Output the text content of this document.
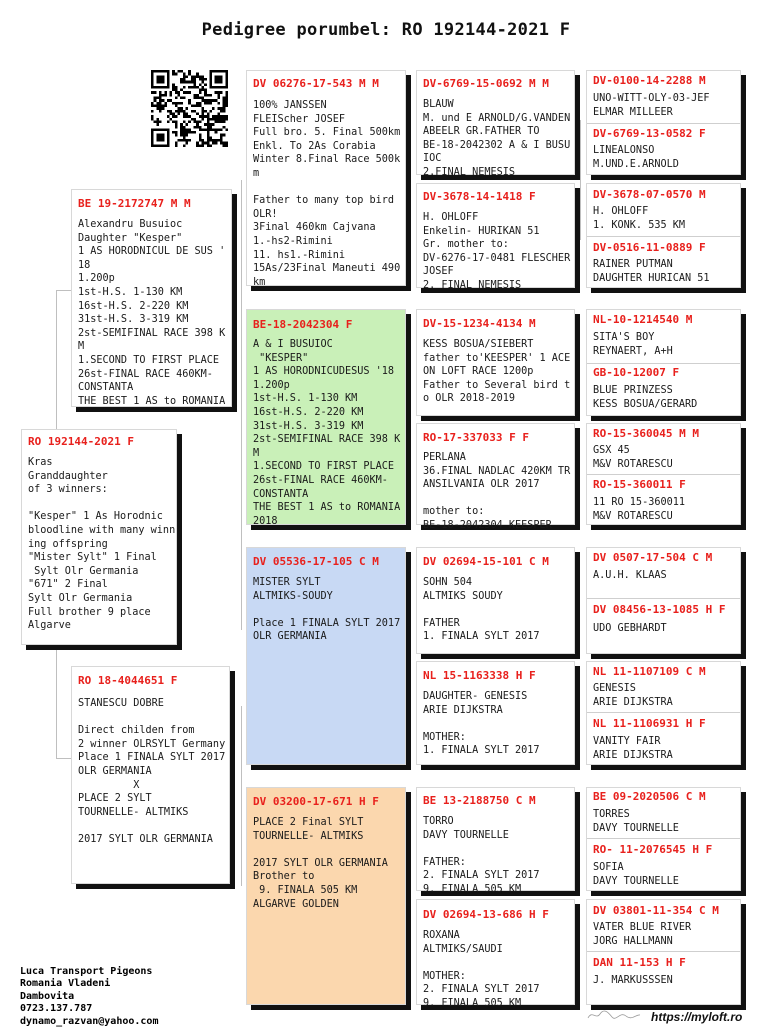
Pedigree porumbel: RO 192144-2021 F
RO 192144-2021 F
Kras
Granddaughter
of 3 winners:

"Kesper" 1 As Horodnic
bloodline with many winn
ing offspring
"Mister Sylt" 1 Final
Sylt Olr Germania
"671" 2 Final
Sylt Olr Germania
Full brother 9 place
Algarve
BE 19-2172747 M M
Alexandru Busuioc
Daughter "Kesper"
1 AS HORODNICUL DE SUS '
18
1.200p
1st-H.S. 1-130 KM
16st-H.S. 2-220 KM
31st-H.S. 3-319 KM
2st-SEMIFINAL RACE 398 K
M
1.SECOND TO FIRST PLACE
26st-FINAL RACE 460KM-
CONSTANTA
THE BEST 1 AS to ROMANIA
RO 18-4044651 F
STANESCU DOBRE

Direct childen from
2 winner OLRSYLT Germany
Place 1 FINALA SYLT 2017
OLR GERMANIA
X
PLACE 2 SYLT
TOURNELLE- ALTMIKS

2017 SYLT OLR GERMANIA
DV 06276-17-543 M M
100% JANSSEN
FLEIScher JOSEF
Full bro. 5. Final 500km
Enkl. To 2As Corabia
Winter 8.Final Race 500k
m

Father to many top bird
OLR!
3Final 460km Cajvana
1.-hs2-Rimini
11. hs1.-Rimini
15As/23Final Maneuti 490
km
BE-18-2042304 F
A & I BUSUIOC
"KESPER"
1 AS HORODNICUDESUS '18
1.200p
1st-H.S. 1-130 KM
16st-H.S. 2-220 KM
31st-H.S. 3-319 KM
2st-SEMIFINAL RACE 398 K
M
1.SECOND TO FIRST PLACE
26st-FINAL RACE 460KM-
CONSTANTA
THE BEST 1 AS to ROMANIA
2018
DV 05536-17-105 C M
MISTER SYLT
ALTMIKS-SOUDY

Place 1 FINALA SYLT 2017
OLR GERMANIA
DV 03200-17-671 H F
PLACE 2 Final SYLT
TOURNELLE- ALTMIKS

2017 SYLT OLR GERMANIA
Brother to
9. FINALA 505 KM
ALGARVE GOLDEN
DV-6769-15-0692 M M
BLAUW
M. und E ARNOLD/G.VANDEN
ABEELR GR.FATHER TO
BE-18-2042302 A & I BUSU
IOC
2.FINAL NEMESIS
DV-3678-14-1418 F
H. OHLOFF
Enkelin- HURIKAN 51
Gr. mother to:
DV-6276-17-0481 FLESCHER
JOSEF
2. FINAL NEMESIS
DV-15-1234-4134 M
KESS BOSUA/SIEBERT
father to'KEESPER' 1 ACE
ON LOFT RACE 1200p
Father to Several bird t
o OLR 2018-2019
RO-17-337033 F F
PERLANA
36.FINAL NADLAC 420KM TR
ANSILVANIA OLR 2017

mother to:
BE-18-2042304 KEESPER
DV 02694-15-101 C M
SOHN 504
ALTMIKS SOUDY

FATHER
1. FINALA SYLT 2017
NL 15-1163338 H F
DAUGHTER- GENESIS
ARIE DIJKSTRA

MOTHER:
1. FINALA SYLT 2017
BE 13-2188750 C M
TORRO
DAVY TOURNELLE

FATHER:
2. FINALA SYLT 2017
9. FINALA 505 KM
DV 02694-13-686 H F
ROXANA
ALTMIKS/SAUDI

MOTHER:
2. FINALA SYLT 2017
9. FINALA 505 KM
DV-0100-14-2288 M
UNO-WITT-OLY-03-JEF
ELMAR MILLEER
DV-6769-13-0582 F
LINEALONSO
M.UND.E.ARNOLD
DV-3678-07-0570 M
H. OHLOFF
1. KONK. 535 KM
DV-0516-11-0889 F
RAINER PUTMAN
DAUGHTER HURICAN 51
NL-10-1214540 M
SITA'S BOY
REYNAERT, A+H
GB-10-12007 F
BLUE PRINZESS
KESS BOSUA/GERARD
RO-15-360045 M M
GSX 45
M&V ROTARESCU
RO-15-360011 F
11 RO 15-360011
M&V ROTARESCU
DV 0507-17-504 C M
A.U.H. KLAAS
DV 08456-13-1085 H F
UDO GEBHARDT
NL 11-1107109 C M
GENESIS
ARIE DIJKSTRA
NL 11-1106931 H F
VANITY FAIR
ARIE DIJKSTRA
BE 09-2020506 C M
TORRES
DAVY TOURNELLE
RO- 11-2076545 H F
SOFIA
DAVY TOURNELLE
DV 03801-11-354 C M
VATER BLUE RIVER
JORG HALLMANN
DAN 11-153 H F
J. MARKUSSSEN
Luca Transport Pigeons
Romania Vladeni
Dambovita
0723.137.787
dynamo_razvan@yahoo.com	https://myloft.ro
